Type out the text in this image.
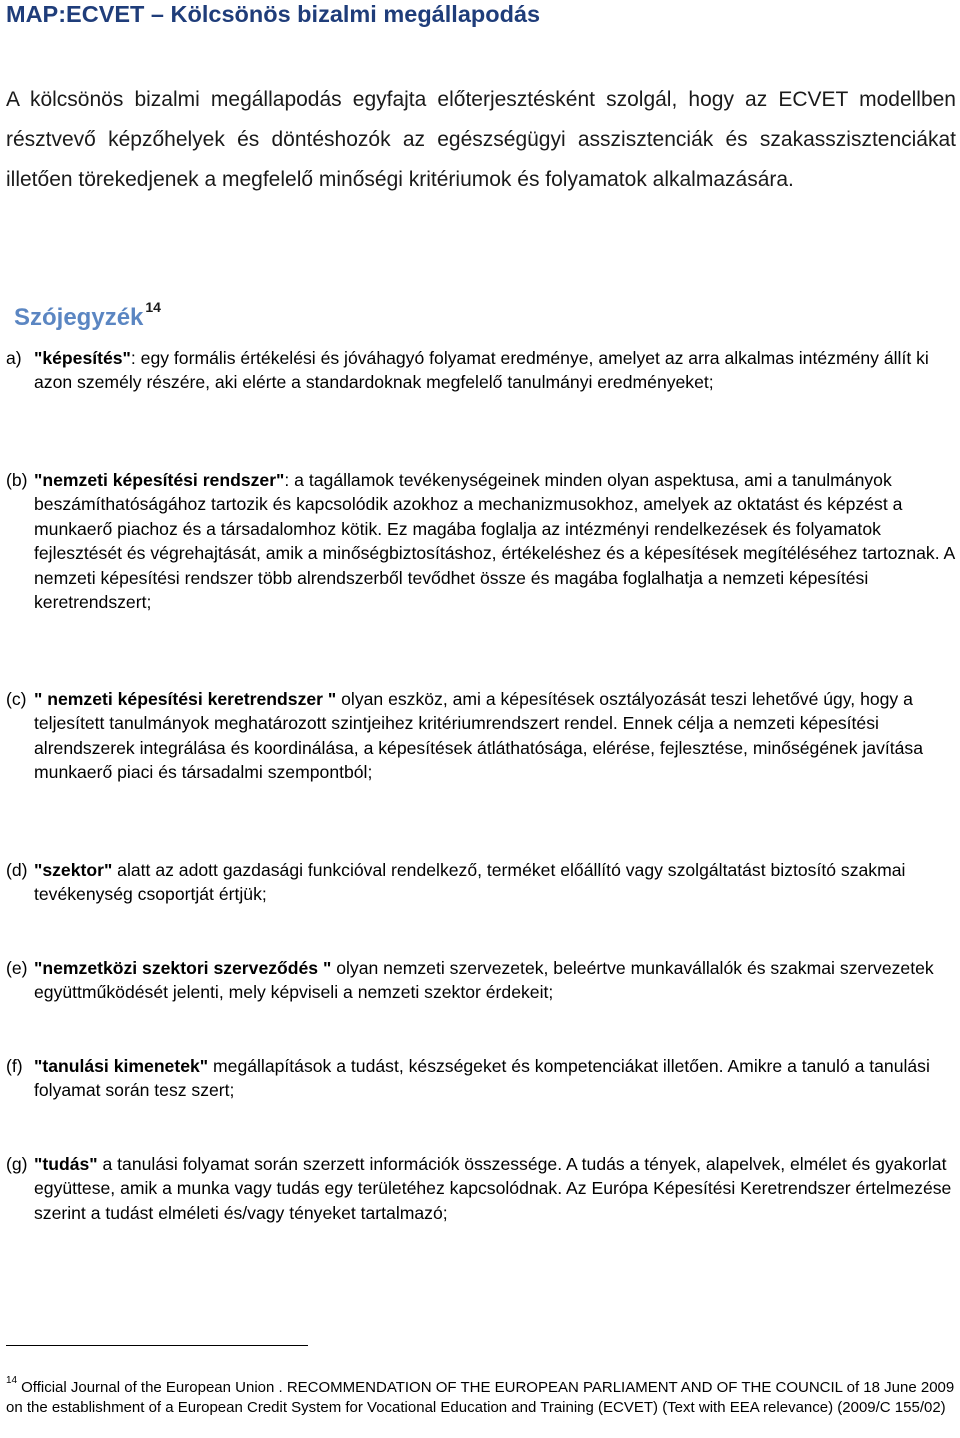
MAP:ECVET – Kölcsönös bizalmi megállapodás
A kölcsönös bizalmi megállapodás egyfajta előterjesztésként szolgál, hogy az ECVET modellben résztvevő képzőhelyek és döntéshozók az egészségügyi asszisztenciák és szakasszisztenciákat illetően törekedjenek a megfelelő minőségi kritériumok és folyamatok alkalmazására.
Szójegyzék $^{14}$
a) "képesítés": egy formális értékelési és jóváhagyó folyamat eredménye, amelyet az arra alkalmas intézmény állít ki azon személy részére, aki elérte a standardoknak megfelelő tanulmányi eredményeket;
(b) "nemzeti képesítési rendszer": a tagállamok tevékenységeinek minden olyan aspektusa, ami a tanulmányok beszámíthatóságához tartozik és kapcsolódik azokhoz a mechanizmusokhoz, amelyek az oktatást és képzést a munkaerő piachoz és a társadalomhoz kötik. Ez magába foglalja az intézményi rendelkezések és folyamatok fejlesztését és végrehajtását, amik a minőségbiztosításhoz, értékeléshez és a képesítések megítéléséhez tartoznak. A nemzeti képesítési rendszer több alrendszerből tevődhet össze és magába foglalhatja a nemzeti képesítési keretrendszert;
(c) " nemzeti képesítési keretrendszer " olyan eszköz, ami a képesítések osztályozását teszi lehetővé úgy, hogy a teljesített tanulmányok meghatározott szintjeihez kritériumrendszert rendel. Ennek célja a nemzeti képesítési alrendszerek integrálása és koordinálása, a képesítések átláthatósága, elérése, fejlesztése, minőségének javítása munkaerő piaci és társadalmi szempontból;
(d) "szektor" alatt az adott gazdasági funkcióval rendelkező, terméket előállító vagy szolgáltatást biztosító szakmai tevékenység csoportját értjük;
(e) "nemzetközi szektori szerveződés " olyan nemzeti szervezetek, beleértve munkavállalók és szakmai szervezetek együttműködését jelenti, mely képviseli a nemzeti szektor érdekeit;
(f) "tanulási kimenetek" megállapítások a tudást, készségeket és kompetenciákat illetően. Amikre a tanuló a tanulási folyamat során tesz szert;
(g) "tudás" a tanulási folyamat során szerzett információk összessége. A tudás a tények, alapelvek, elmélet és gyakorlat együttese, amik a munka vagy tudás egy területéhez kapcsolódnak. Az Európa Képesítési Keretrendszer értelmezése szerint a tudást elméleti és/vagy tényeket tartalmazó;
$^{14}$ Official Journal of the European Union . RECOMMENDATION OF THE EUROPEAN PARLIAMENT AND OF THE COUNCIL of 18 June 2009 on the establishment of a European Credit System for Vocational Education and Training (ECVET) (Text with EEA relevance) (2009/C 155/02)
